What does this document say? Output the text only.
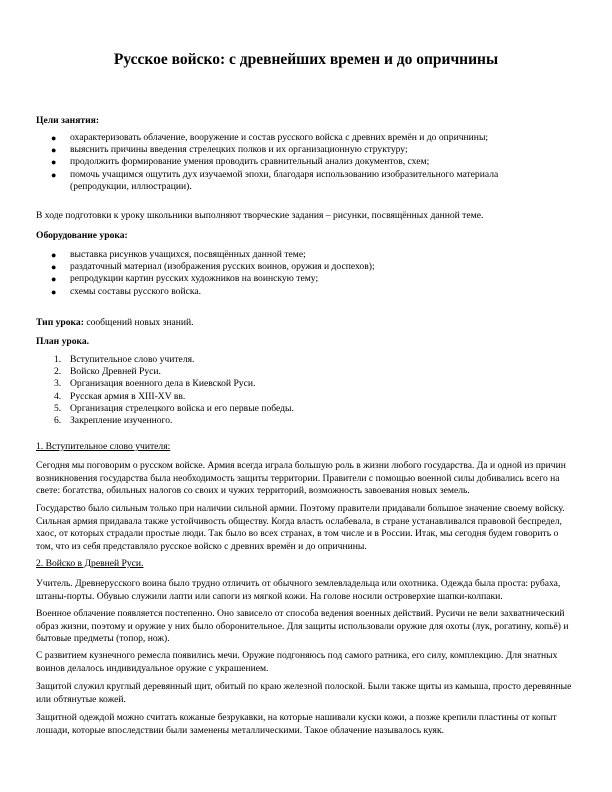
Русское войско: с древнейших времен и до опричнины
Цели занятия:
● охарактеризовать облачение, вооружение и состав русского войска с древних времён и до опричнины;
● выяснить причины введения стрелецких полков и их организационную структуру;
● продолжить формирование умения проводить сравнительный анализ документов, схем;
● помочь учащимся ощутить дух изучаемой эпохи, благодаря использованию изобразительного материала (репродукции, иллюстрации).

В ходе подготовки к уроку школьники выполняют творческие задания – рисунки, посвящённых данной теме.

Оборудование урока:
● выставка рисунков учащихся, посвящённых данной теме;
● раздаточный материал (изображения русских воинов, оружия и доспехов);
● репродукции картин русских художников на воинскую тему;
● схемы составы русского войска.
Тип урока: сообщений новых знаний.
План урока.
1. Вступительное слово учителя.
2. Войско Древней Руси.
3. Организация военного дела в Киевской Руси.
4. Русская армия в XIII-XV вв.
5. Организация стрелецкого войска и его первые победы.
6. Закрепление изученного.
1. Вступительное слово учителя:

Сегодня мы поговорим о русском войске. Армия всегда играла большую роль в жизни любого государства. Да и одной из причин возникновения государства была необходимость защиты территории. Правители с помощью военной силы добивались всего на свете: богатства, обильных налогов со своих и чужих территорий, возможность завоевания новых земель.

Государство было сильным только при наличии сильной армии. Поэтому правители придавали большое значение своему войску. Сильная армия придавала также устойчивость обществу. Когда власть ослабевала, в стране устанавливался правовой беспредел, хаос, от которых страдали простые люди. Так было во всех странах, в том числе и в России. Итак, мы сегодня будем говорить о том, что из себя представляло русское войско с древних времён и до опричнины.

2. Войско в Древней Руси.

Учитель. Древнерусского воина было трудно отличить от обычного землевладельца или охотника. Одежда была проста: рубаха, штаны-порты. Обувью служили лапти или сапоги из мягкой кожи. На голове носили островерхие шапки-колпаки.

Военное облачение появляется постепенно. Оно зависело от способа ведения военных действий. Русичи не вели захватнический образ жизни, поэтому и оружие у них было оборонительное. Для защиты использовали оружие для охоты (лук, рогатину, копьё) и бытовые предметы (топор, нож).

С развитием кузнечного ремесла появились мечи. Оружие подгоняюсь под самого ратника, его силу, комплекцию. Для знатных воинов делалось индивидуальное оружие с украшением.

Защитой служил круглый деревянный щит, обитый по краю железной полоской. Были также щиты из камыша, просто деревянные или обтянутые кожей.

Защитной одеждой можно считать кожаные безрукавки, на которые нашивали куски кожи, а позже крепили пластины от копыт лошади, которые впоследствии были заменены металлическими. Такое облачение называлось куяк.
